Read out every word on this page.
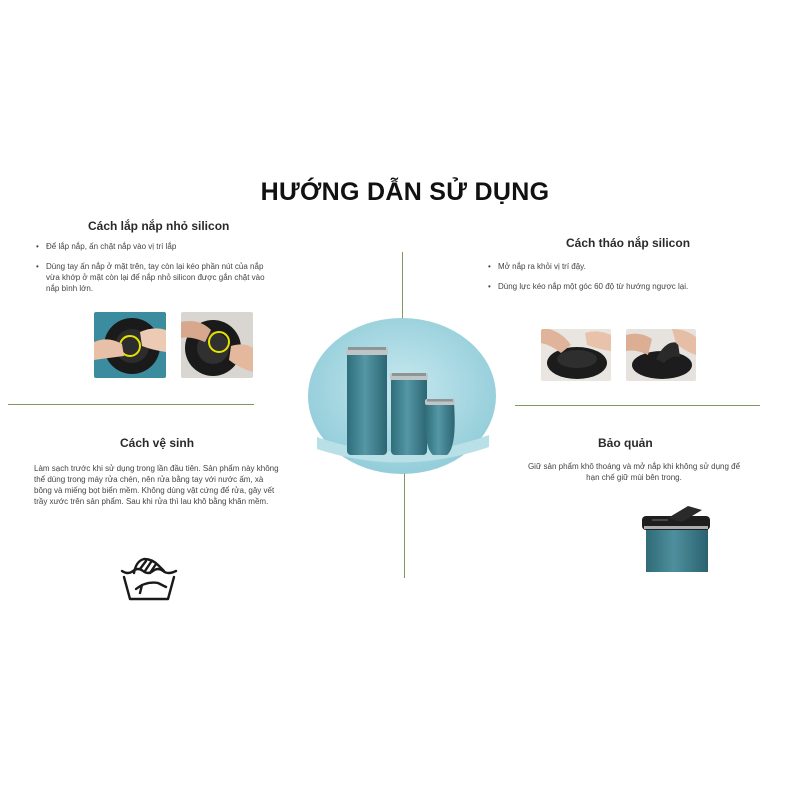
HƯỚNG DẪN SỬ DỤNG
Cách lắp nắp nhỏ silicon
• Để lắp nắp, ấn chặt nắp vào vị trí lắp
• Dùng tay ấn nắp ở mặt trên, tay còn lại kéo phần nút của nắp vừa khớp ở mặt còn lại để nắp nhỏ silicon được gắn chặt vào nắp bình lớn.
Cách tháo nắp silicon
• Mở nắp ra khỏi vị trí đậy.
• Dùng lực kéo nắp một góc 60 độ từ hướng ngược lại.
Cách vệ sinh

Làm sạch trước khi sử dụng trong lần đầu tiên. Sản phẩm này không thể dùng trong máy rửa chén, nên rửa bằng tay với nước ấm, xà bông và miếng bọt biển mềm. Không dùng vật cứng để rửa, gây vết trầy xước trên sản phẩm. Sau khi rửa thì lau khô bằng khăn mềm.

Bảo quản

Giữ sản phẩm khô thoáng và mở nắp khi không sử dụng để hạn chế giữ mùi bên trong.
